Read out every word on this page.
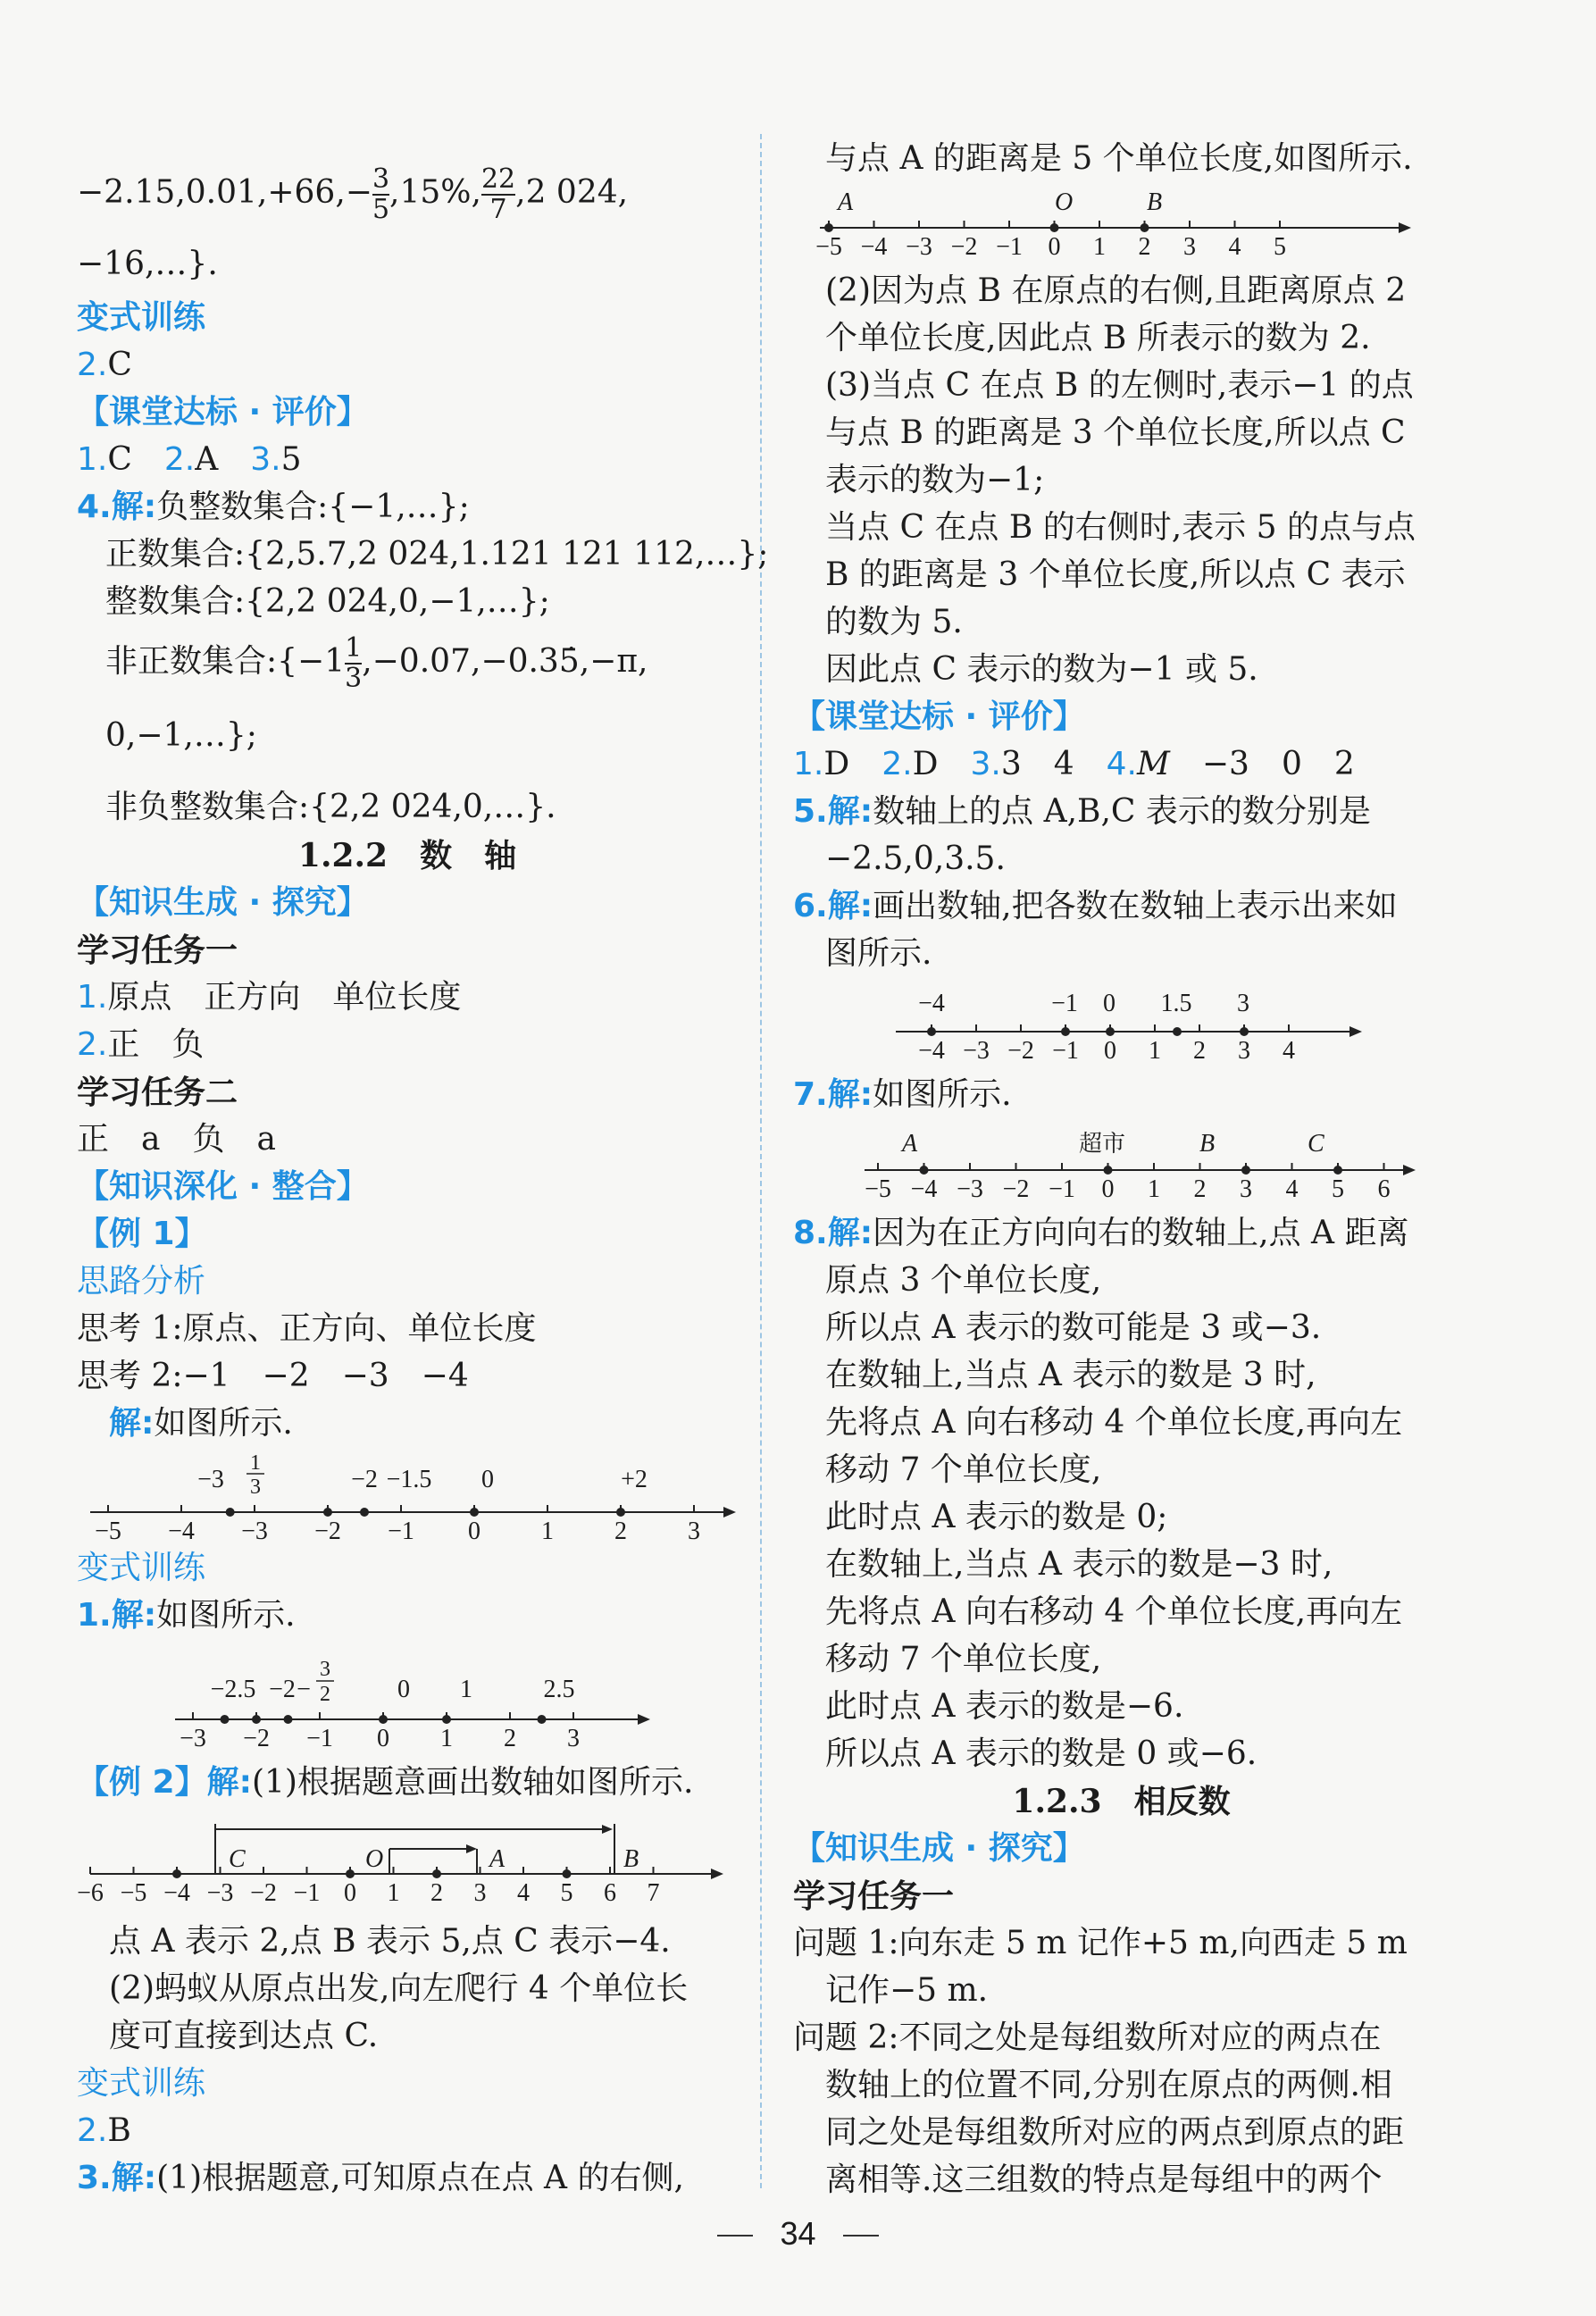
$-2.15,0.01,+66,- \frac{3}{5} ,15\%$, $\frac{22}{7} ,2$ 024,
−16,…}.
变式训练
2.C
【课堂达标 · 评价】
1.C　2.A　3.5
4.解:负整数集合:{−1,…};
正数集合:{2,5.7,2 024,1.121 121 112,…};
整数集合:{2,2 024,0,−1,…};
非正数集合:{−1 $\frac{1}{3}$ ,−0.07,−0.35̇,−π,
0,−1,…};
非负整数集合:{2,2 024,0,…}.
1.2.2　数　轴
【知识生成 · 探究】
学习任务一
1.原点　正方向　单位长度
2.正　负
学习任务二
正　a　负　a
【知识深化 · 整合】
【例 1】
思路分析
思考 1:原点、正方向、单位长度
思考 2:−1　−2　−3　−4
解:如图所示.
−5 −4 −3 −2 −1 0 1 2 3
−3
1
3	−2 −1.5 0	+2
变式训练
1.解:如图所示.
−3 −2 −1 0 1 2 3
−2.5 −2 −
3
2	0 1	2.5
【例 2】解:(1)根据题意画出数轴如图所示.
−6 −5 −4 −3 −2 −1 0 1 2 3 4 5 6 7
C	O	A	B
点 A 表示 2,点 B 表示 5,点 C 表示−4.
(2)蚂蚁从原点出发,向左爬行 4 个单位长
度可直接到达点 C.
变式训练
2.B
3.解:(1)根据题意,可知原点在点 A 的右侧,
与点 A 的距离是 5 个单位长度,如图所示.
−5 −4 −3 −2 −1 0 1 2 3 4 5
A	O	B
(2)因为点 B 在原点的右侧,且距离原点 2
个单位长度,因此点 B 所表示的数为 2.
(3)当点 C 在点 B 的左侧时,表示−1 的点
与点 B 的距离是 3 个单位长度,所以点 C
表示的数为−1;
当点 C 在点 B 的右侧时,表示 5 的点与点
B 的距离是 3 个单位长度,所以点 C 表示
的数为 5.
因此点 C 表示的数为−1 或 5.
【课堂达标 · 评价】
1.D　2.D　3.3　4　4.M　−3　0　2
5.解:数轴上的点 A,B,C 表示的数分别是
−2.5,0,3.5.
6.解:画出数轴,把各数在数轴上表示出来如
图所示.
−4 −3 −2 −1 0 1 2 3 4
−4	−1 0 1.5 3
7.解:如图所示.
−5 −4 −3 −2 −1 0 1 2 3 4 5 6
A	超市	B	C
8.解:因为在正方向向右的数轴上,点 A 距离
原点 3 个单位长度,
所以点 A 表示的数可能是 3 或−3.
在数轴上,当点 A 表示的数是 3 时,
先将点 A 向右移动 4 个单位长度,再向左
移动 7 个单位长度,
此时点 A 表示的数是 0;
在数轴上,当点 A 表示的数是−3 时,
先将点 A 向右移动 4 个单位长度,再向左
移动 7 个单位长度,
此时点 A 表示的数是−6.
所以点 A 表示的数是 0 或−6.
1.2.3　相反数
【知识生成 · 探究】
学习任务一
问题 1:向东走 5 m 记作+5 m,向西走 5 m
记作−5 m.
问题 2:不同之处是每组数所对应的两点在
数轴上的位置不同,分别在原点的两侧.相
同之处是每组数所对应的两点到原点的距
离相等.这三组数的特点是每组中的两个
34
